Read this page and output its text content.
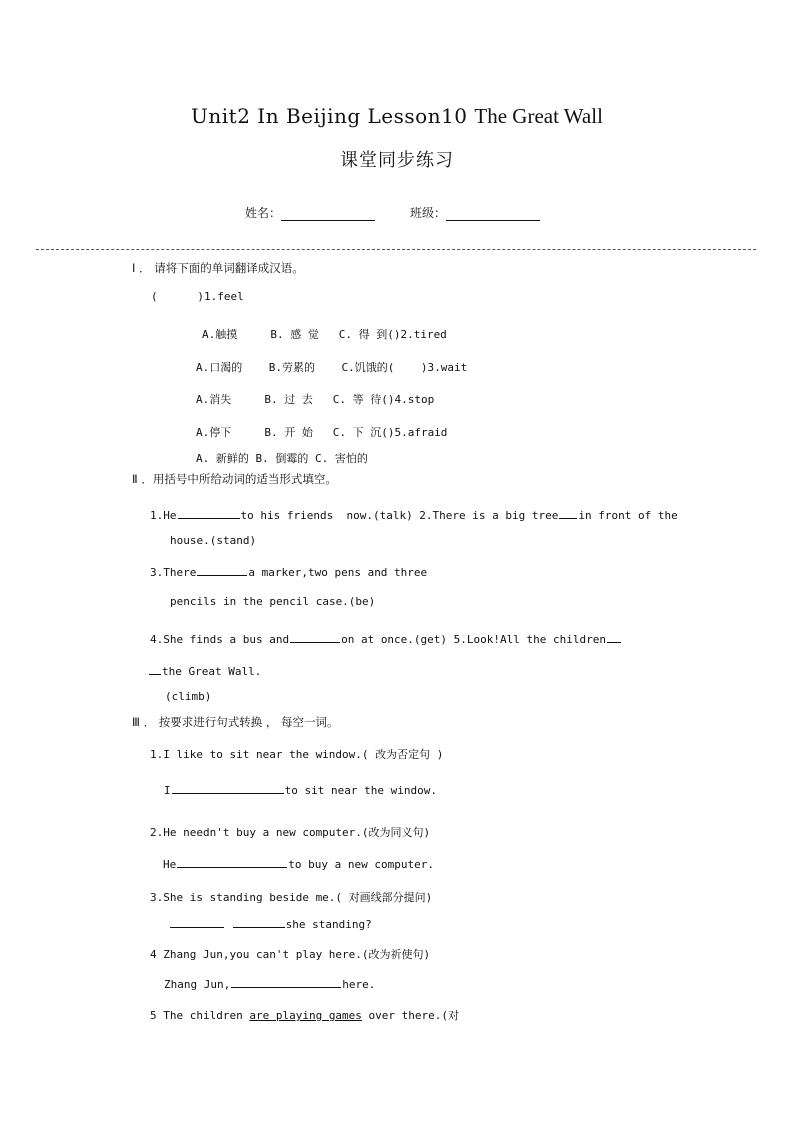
Unit2 In Beijing Lesson10 The Great Wall
课堂同步练习
姓名：	班级：
Ⅰ ． 请将下面的单词翻译成汉语。
(      )1.feel
A.触摸     B. 感 觉   C. 得 到()2.tired
A.口渴的    B.劳累的    C.饥饿的(    )3.wait
A.消失     B. 过 去   C. 等 待()4.stop
A.停下     B. 开 始   C. 下 沉()5.afraid
A. 新鲜的 B. 倒霉的 C. 害怕的
Ⅱ ．用括号中所给动词的适当形式填空。
1.He	to his friends  now.(talk) 2.There is a big tree in front of the
house.(stand)
3.There	a marker,two pens and three
pencils in the pencil case.(be)
4.She finds a bus and	on at once.(get) 5.Look!All the children
the Great Wall.
(climb)
Ⅲ ． 按要求进行句式转换 ， 每空一词。
1.I like to sit near the window.( 改为否定句 )
I	to sit near the window.
2.He needn't buy a new computer.(改为同义句)
He	to buy a new computer.
3.She is standing beside me.( 对画线部分提问)
she standing?
4 Zhang Jun,you can't play here.(改为祈使句)
Zhang Jun,	here.
5 The children are playing games over there.(对
